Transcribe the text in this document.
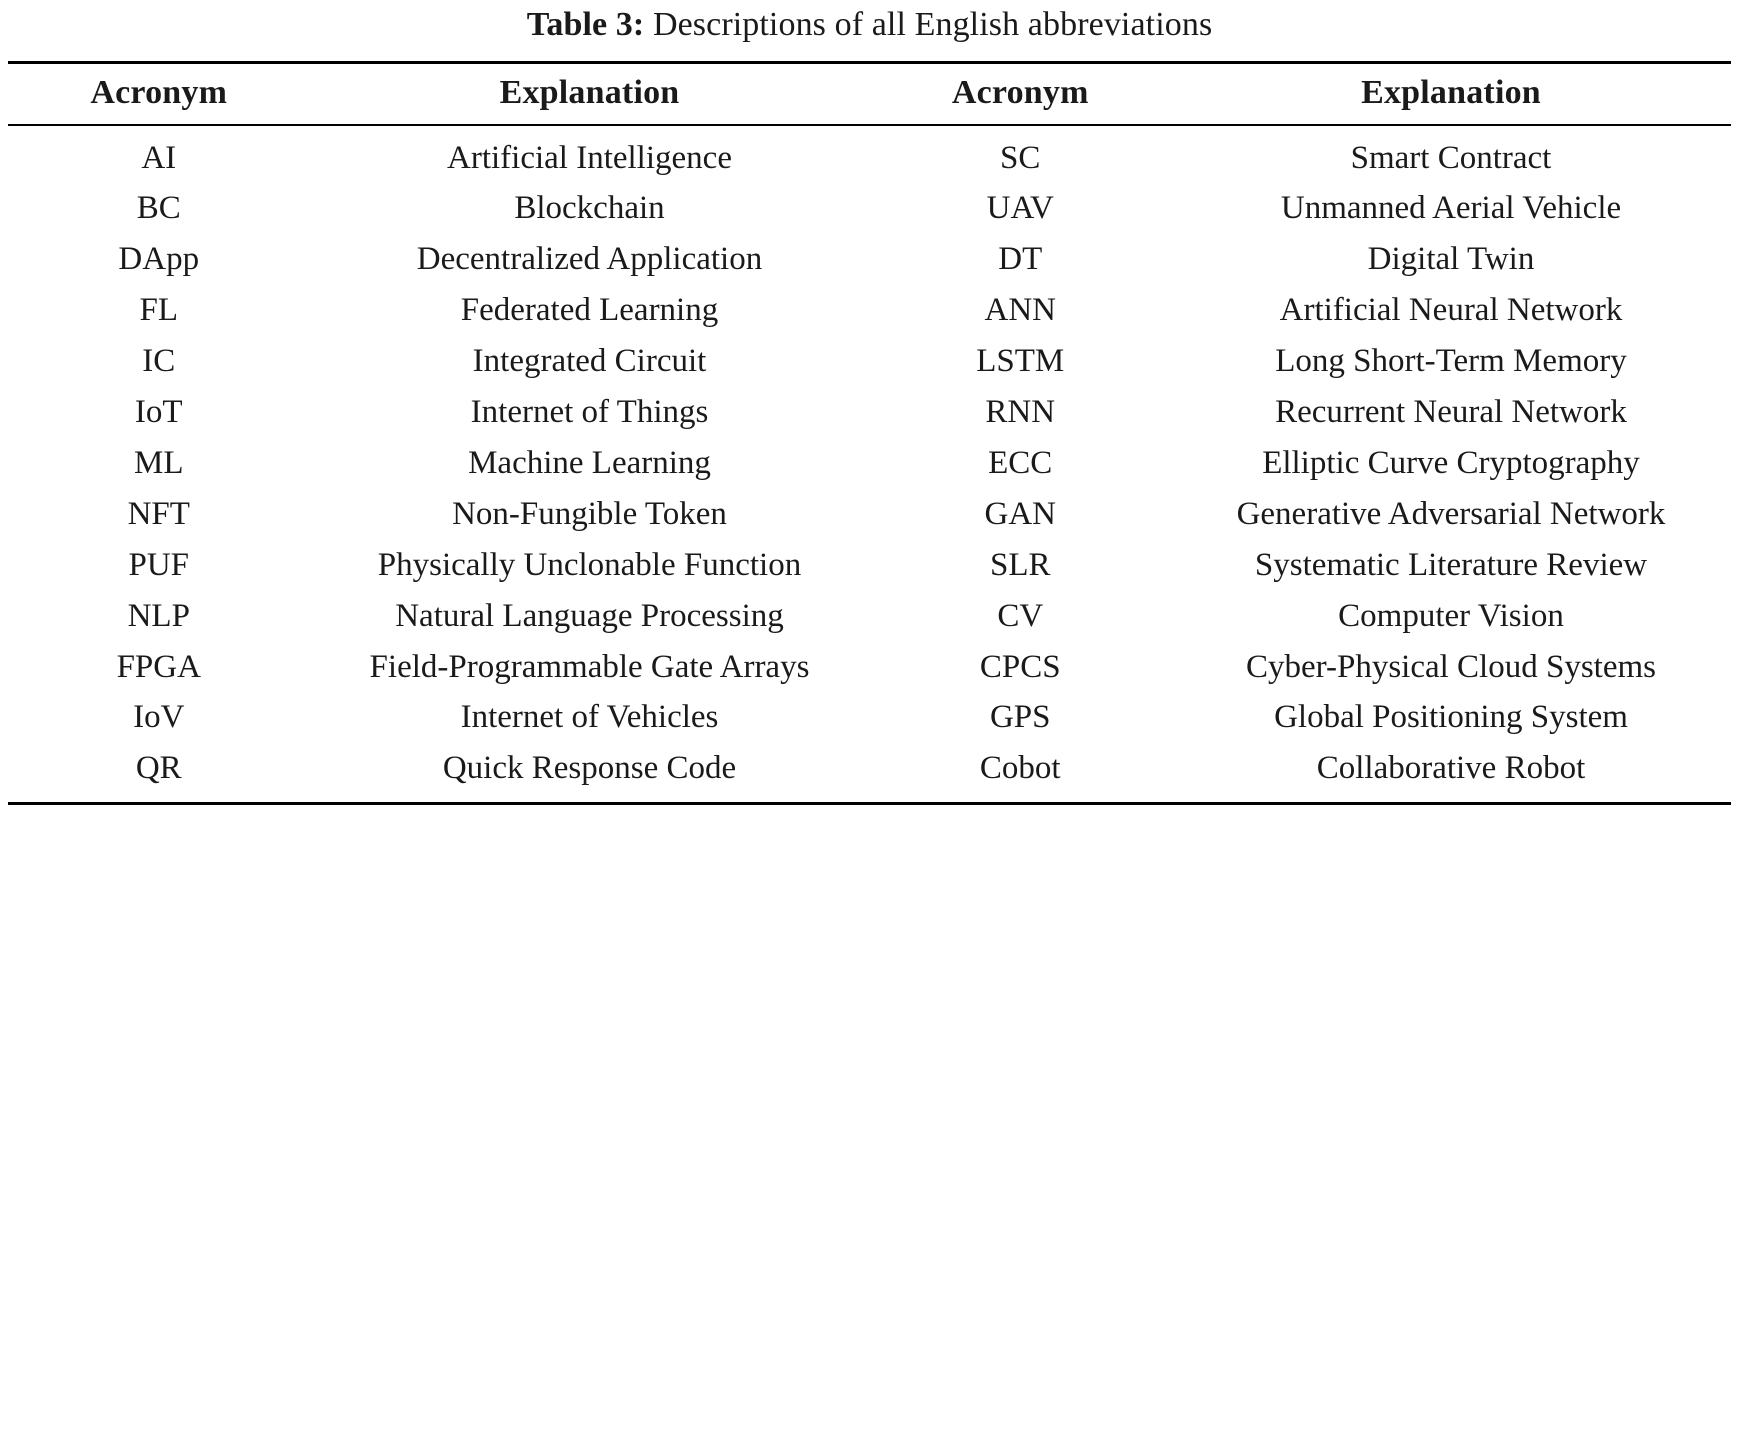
Table 3: Descriptions of all English abbreviations
Acronym	Explanation	Acronym	Explanation

AI	Artificial Intelligence	SC	Smart Contract

BC	Blockchain	UAV	Unmanned Aerial Vehicle

DApp	Decentralized Application	DT	Digital Twin

FL	Federated Learning	ANN	Artificial Neural Network

IC	Integrated Circuit	LSTM	Long Short-Term Memory

IoT	Internet of Things	RNN	Recurrent Neural Network

ML	Machine Learning	ECC	Elliptic Curve Cryptography

NFT	Non-Fungible Token	GAN	Generative Adversarial Network

PUF	Physically Unclonable Function	SLR	Systematic Literature Review

NLP	Natural Language Processing	CV	Computer Vision

FPGA	Field-Programmable Gate Arrays	CPCS	Cyber-Physical Cloud Systems

IoV	Internet of Vehicles	GPS	Global Positioning System

QR	Quick Response Code	Cobot	Collaborative Robot
